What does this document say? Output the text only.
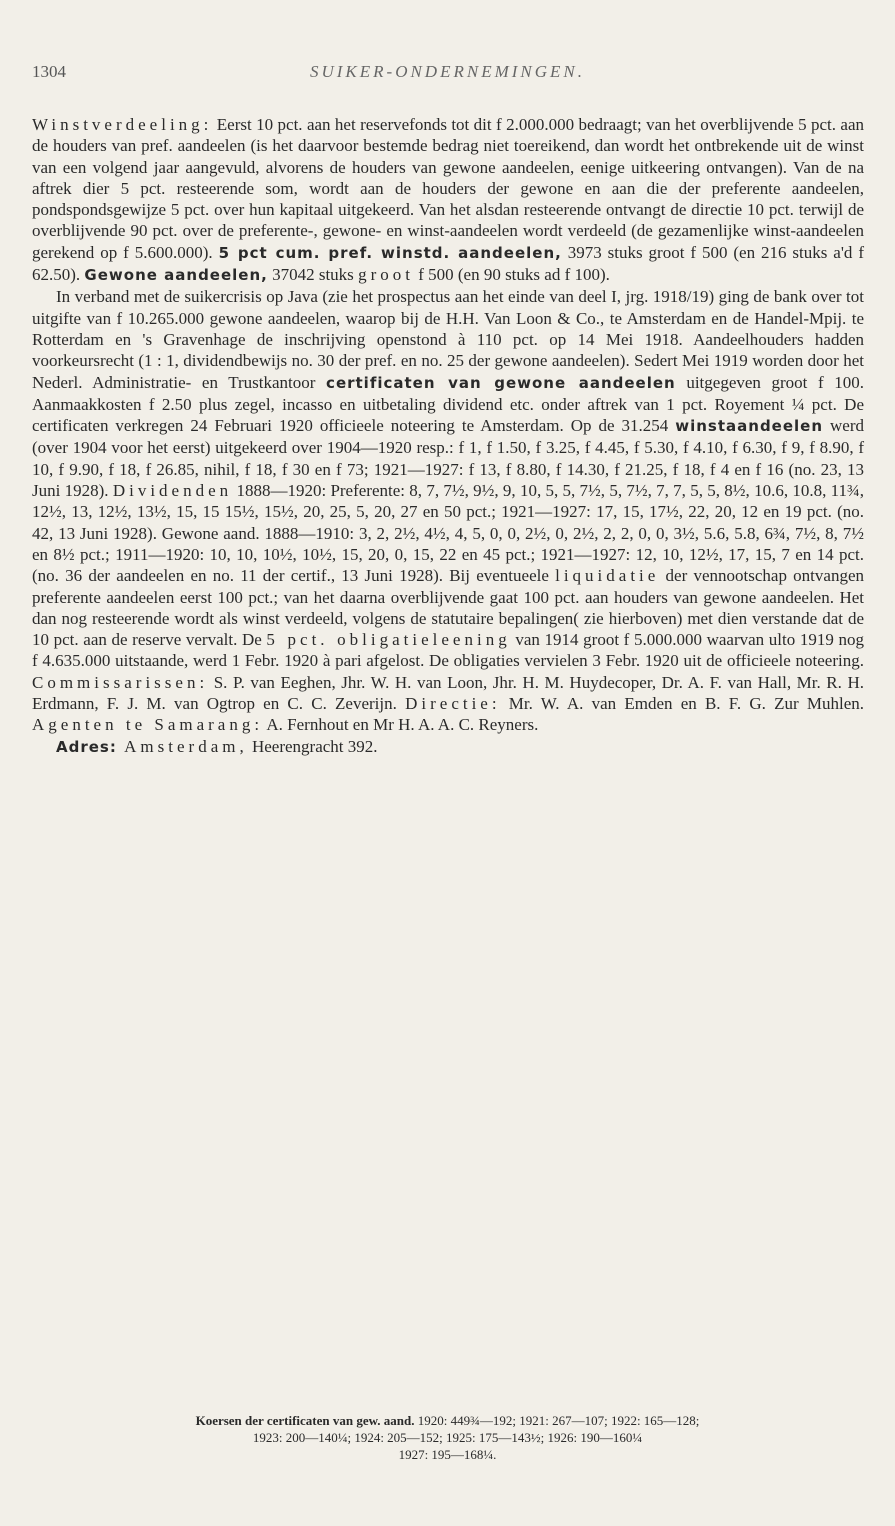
1304	SUIKER-ONDERNEMINGEN.

Winstverdeeling: Eerst 10 pct. aan het reservefonds tot dit f 2.000.000 bedraagt; van het overblijvende 5 pct. aan de houders van pref. aandeelen (is het daarvoor bestemde bedrag niet toereikend, dan wordt het ontbrekende uit de winst van een volgend jaar aangevuld, alvorens de houders van gewone aandeelen, eenige uitkeering ontvangen). Van de na aftrek dier 5 pct. resteerende som, wordt aan de houders der gewone en aan die der preferente aandeelen, pondspondsgewijze 5 pct. over hun kapitaal uitgekeerd. Van het alsdan resteerende ontvangt de directie 10 pct. terwijl de overblijvende 90 pct. over de preferente-, gewone- en winst-aandeelen wordt verdeeld (de gezamenlijke winst-aandeelen gerekend op f 5.600.000). 5 pct cum. pref. winstd. aandeelen, 3973 stuks groot f 500 (en 216 stuks a'd f 62.50). Gewone aandeelen, 37042 stuks groot f 500 (en 90 stuks ad f 100).

In verband met de suikercrisis op Java (zie het prospectus aan het einde van deel I, jrg. 1918/19) ging de bank over tot uitgifte van f 10.265.000 gewone aandeelen, waarop bij de H.H. Van Loon & Co., te Amsterdam en de Handel-Mpij. te Rotterdam en 's Gravenhage de inschrijving openstond à 110 pct. op 14 Mei 1918. Aandeelhouders hadden voorkeursrecht (1 : 1, dividendbewijs no. 30 der pref. en no. 25 der gewone aandeelen). Sedert Mei 1919 worden door het Nederl. Administratie- en Trustkantoor certificaten van gewone aandeelen uitgegeven groot f 100. Aanmaakkosten f 2.50 plus zegel, incasso en uitbetaling dividend etc. onder aftrek van 1 pct. Royement ¼ pct. De certificaten verkregen 24 Februari 1920 officieele noteering te Amsterdam. Op de 31.254 winstaandeelen werd (over 1904 voor het eerst) uitgekeerd over 1904—1920 resp.: f 1, f 1.50, f 3.25, f 4.45, f 5.30, f 4.10, f 6.30, f 9, f 8.90, f 10, f 9.90, f 18, f 26.85, nihil, f 18, f 30 en f 73; 1921—1927: f 13, f 8.80, f 14.30, f 21.25, f 18, f 4 en f 16 (no. 23, 13 Juni 1928). Dividenden 1888—1920: Preferente: 8, 7, 7½, 9½, 9, 10, 5, 5, 7½, 5, 7½, 7, 7, 5, 5, 8½, 10.6, 10.8, 11¾, 12½, 13, 12½, 13½, 15, 15 15½, 15½, 20, 25, 5, 20, 27 en 50 pct.; 1921—1927: 17, 15, 17½, 22, 20, 12 en 19 pct. (no. 42, 13 Juni 1928). Gewone aand. 1888—1910: 3, 2, 2½, 4½, 4, 5, 0, 0, 2½, 0, 2½, 2, 2, 0, 0, 3½, 5.6, 5.8, 6¾, 7½, 8, 7½ en 8½ pct.; 1911—1920: 10, 10, 10½, 10½, 15, 20, 0, 15, 22 en 45 pct.; 1921—1927: 12, 10, 12½, 17, 15, 7 en 14 pct. (no. 36 der aandeelen en no. 11 der certif., 13 Juni 1928). Bij eventueele liquidatie der vennootschap ontvangen preferente aandeelen eerst 100 pct.; van het daarna overblijvende gaat 100 pct. aan houders van gewone aandeelen. Het dan nog resteerende wordt als winst verdeeld, volgens de statutaire bepalingen( zie hierboven) met dien verstande dat de 10 pct. aan de reserve vervalt. De 5 pct. obligatieleening van 1914 groot f 5.000.000 waarvan ulto 1919 nog f 4.635.000 uitstaande, werd 1 Febr. 1920 à pari afgelost. De obligaties vervielen 3 Febr. 1920 uit de officieele noteering. Commissarissen: S. P. van Eeghen, Jhr. W. H. van Loon, Jhr. H. M. Huydecoper, Dr. A. F. van Hall, Mr. R. H. Erdmann, F. J. M. van Ogtrop en C. C. Zeverijn. Directie: Mr. W. A. van Emden en B. F. G. Zur Muhlen. Agenten te Samarang: A. Fernhout en Mr H. A. A. C. Reyners.

Adres: Amsterdam, Heerengracht 392.

Koersen der certificaten van gew. aand. 1920: 449¾—192; 1921: 267—107; 1922: 165—128;
1923: 200—140¼; 1924: 205—152; 1925: 175—143½; 1926: 190—160¼
1927: 195—168¼.
